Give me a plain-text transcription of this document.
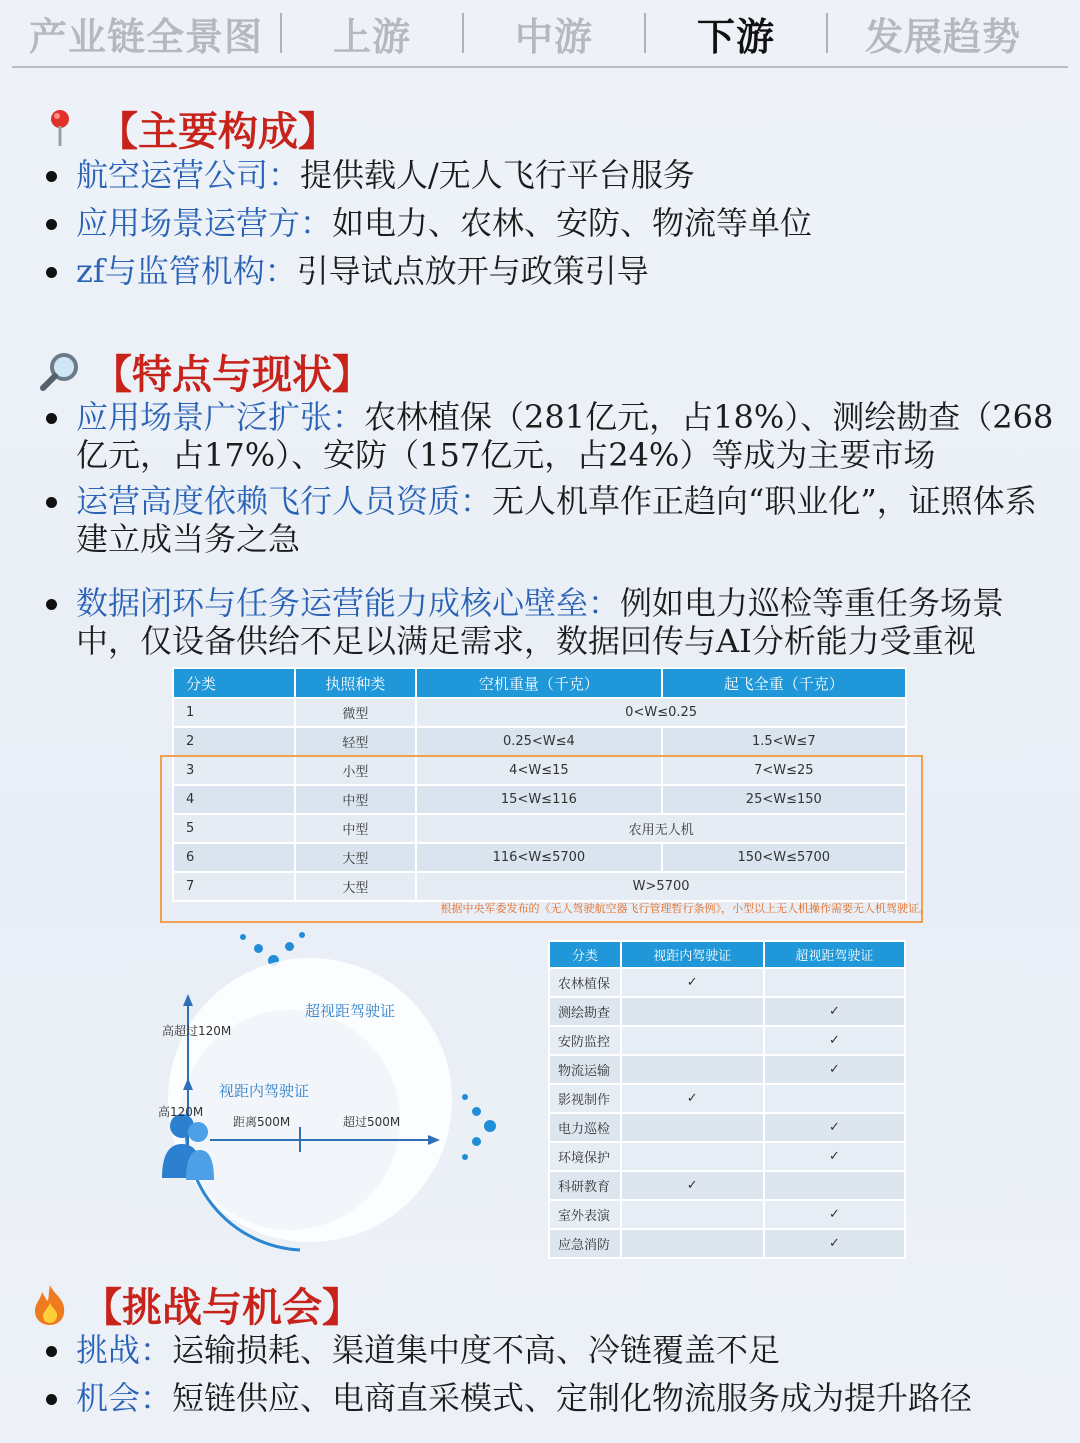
产业链全景图	上游	中游	下游	发展趋势
【主要构成】
航空运营公司：提供载人/无人飞行平台服务
应用场景运营方：如电力、农林、安防、物流等单位
zf与监管机构：引导试点放开与政策引导
【特点与现状】
应用场景广泛扩张：农林植保（281亿元，占18%）、测绘勘查（268亿元，占17%）、安防（157亿元，占24%）等成为主要市场
运营高度依赖飞行人员资质：无人机草作正趋向“职业化”，证照体系建立成当务之急
数据闭环与任务运营能力成核心壁垒：例如电力巡检等重任务场景中，仅设备供给不足以满足需求，数据回传与AI分析能力受重视
分类	执照种类	空机重量（千克）	起飞全重（千克）
1	微型	0<W≤0.25	
2	轻型	0.25<W≤4	1.5<W≤7
3	小型	4<W≤15	7<W≤25
4	中型	15<W≤116	25<W≤150
5	中型	农用无人机	
6	大型	116<W≤5700	150<W≤5700
7	大型	W>5700	
根据中央军委发布的《无人驾驶航空器飞行管理暂行条例》，小型以上无人机操作需要无人机驾驶证。
超视距驾驶证
视距内驾驶证
高超过120M
高120M
距离500M	超过500M
分类	视距内驾驶证	超视距驾驶证
农林植保	✓	
测绘勘查		✓
安防监控		✓
物流运输		✓
影视制作	✓	
电力巡检		✓
环境保护		✓
科研教育	✓	
室外表演		✓
应急消防		✓
【挑战与机会】
挑战：运输损耗、渠道集中度不高、冷链覆盖不足
机会：短链供应、电商直采模式、定制化物流服务成为提升路径
